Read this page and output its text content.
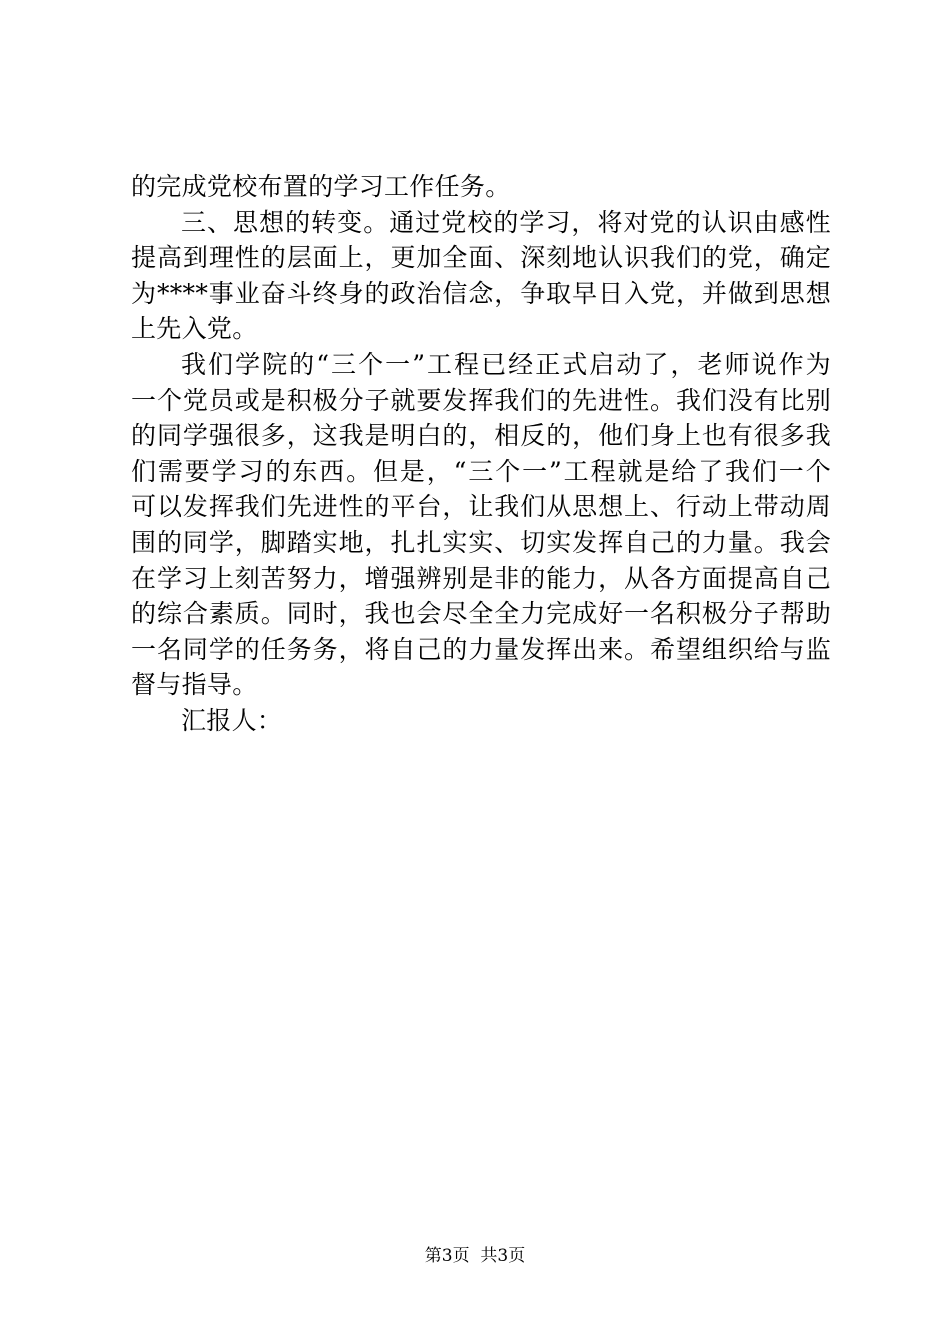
的完成党校布置的学习工作任务。
三、思想的转变。通过党校的学习，将对党的认识由感性
提高到理性的层面上，更加全面、深刻地认识我们的党，确定
为****事业奋斗终身的政治信念，争取早日入党，并做到思想
上先入党。
我们学院的“三个一”工程已经正式启动了，老师说作为
一个党员或是积极分子就要发挥我们的先进性。我们没有比别
的同学强很多，这我是明白的，相反的，他们身上也有很多我
们需要学习的东西。但是，“三个一”工程就是给了我们一个
可以发挥我们先进性的平台，让我们从思想上、行动上带动周
围的同学，脚踏实地，扎扎实实、切实发挥自己的力量。我会
在学习上刻苦努力，增强辨别是非的能力，从各方面提高自己
的综合素质。同时，我也会尽全全力完成好一名积极分子帮助
一名同学的任务务，将自己的力量发挥出来。希望组织给与监
督与指导。
汇报人：
第3页  共3页
